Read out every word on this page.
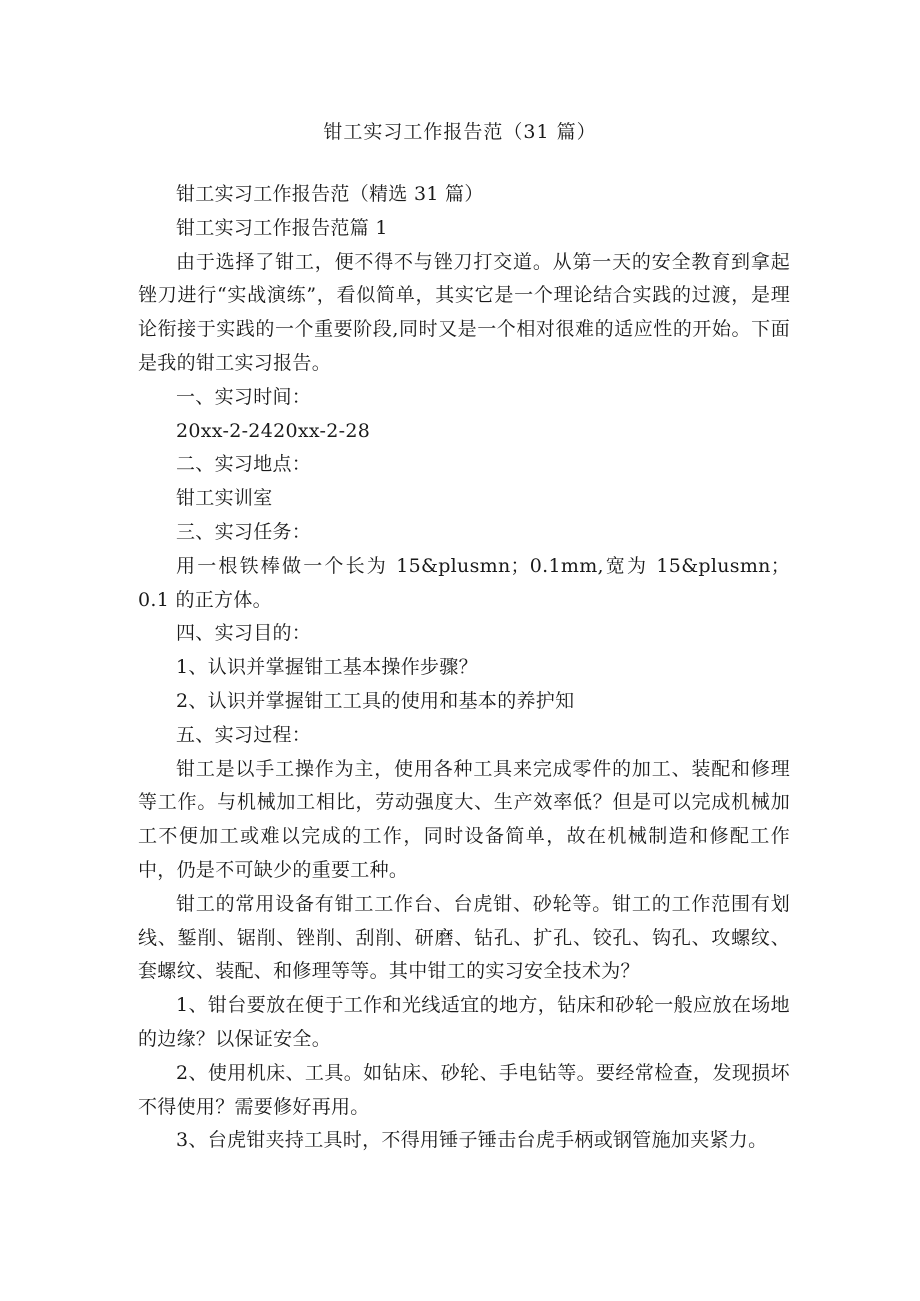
钳工实习工作报告范（31 篇）

钳工实习工作报告范（精选 31 篇）

钳工实习工作报告范篇 1

由于选择了钳工，便不得不与锉刀打交道。从第一天的安全教育到拿起锉刀进行“实战演练”，看似简单，其实它是一个理论结合实践的过渡，是理论衔接于实践的一个重要阶段,同时又是一个相对很难的适应性的开始。下面是我的钳工实习报告。

一、实习时间：

20xx-2-2420xx-2-28

二、实习地点：

钳工实训室

三、实习任务：

用一根铁棒做一个长为 15&plusmn；0.1mm,宽为 15&plusmn；0.1 的正方体。

四、实习目的：

1、认识并掌握钳工基本操作步骤？

2、认识并掌握钳工工具的使用和基本的养护知

五、实习过程：

钳工是以手工操作为主，使用各种工具来完成零件的加工、装配和修理等工作。与机械加工相比，劳动强度大、生产效率低？但是可以完成机械加工不便加工或难以完成的工作，同时设备简单，故在机械制造和修配工作中，仍是不可缺少的重要工种。

钳工的常用设备有钳工工作台、台虎钳、砂轮等。钳工的工作范围有划线、錾削、锯削、锉削、刮削、研磨、钻孔、扩孔、铰孔、钩孔、攻螺纹、套螺纹、装配、和修理等等。其中钳工的实习安全技术为？

1、钳台要放在便于工作和光线适宜的地方，钻床和砂轮一般应放在场地的边缘？以保证安全。

2、使用机床、工具。如钻床、砂轮、手电钻等。要经常检查，发现损坏不得使用？需要修好再用。

3、台虎钳夹持工具时，不得用锤子锤击台虎手柄或钢管施加夹紧力。
